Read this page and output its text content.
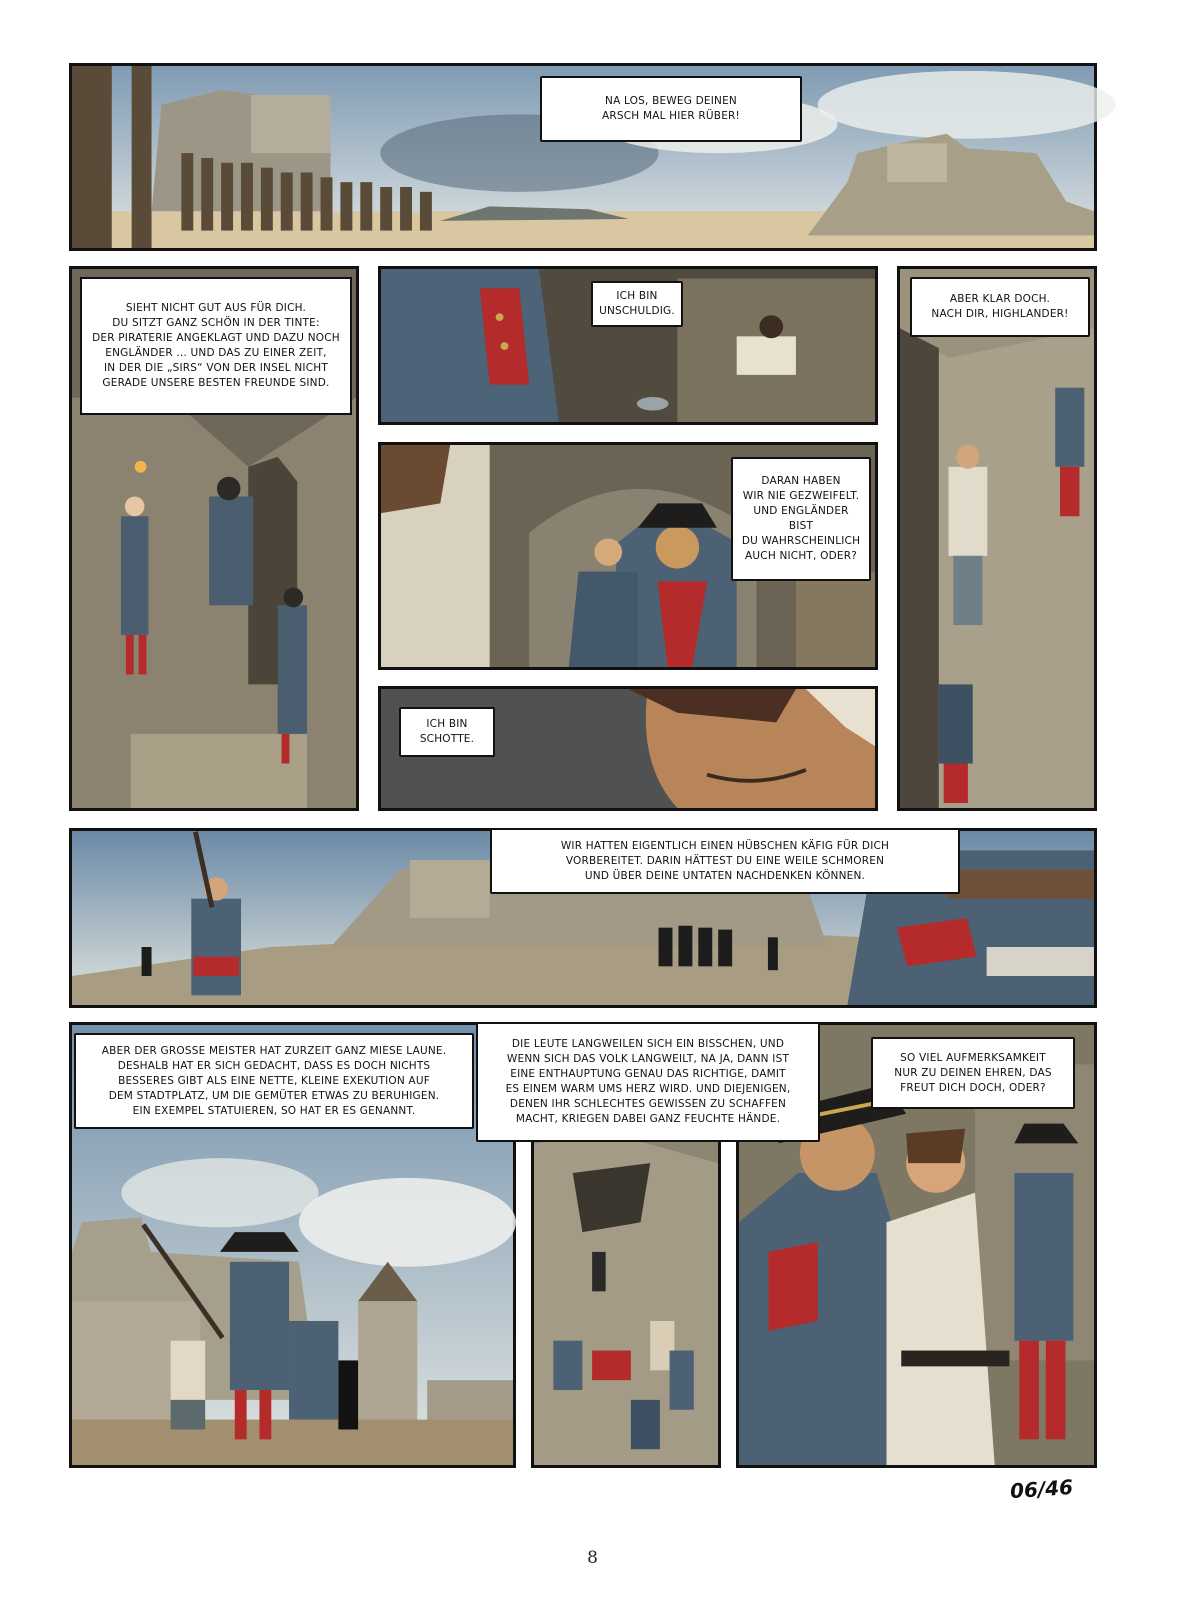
NA LOS, BEWEG DEINEN
ARSCH MAL HIER RÜBER!
SIEHT NICHT GUT AUS FÜR DICH.
DU SITZT GANZ SCHÖN IN DER TINTE:
DER PIRATERIE ANGEKLAGT UND DAZU NOCH
ENGLÄNDER ... UND DAS ZU EINER ZEIT,
IN DER DIE „SIRS“ VON DER INSEL NICHT
GERADE UNSERE BESTEN FREUNDE SIND.
ICH BIN
UNSCHULDIG.
DARAN HABEN
WIR NIE GEZWEIFELT.
UND ENGLÄNDER BIST
DU WAHRSCHEINLICH
AUCH NICHT, ODER?
ICH BIN
SCHOTTE.
ABER KLAR DOCH.
NACH DIR, HIGHLANDER!
WIR HATTEN EIGENTLICH EINEN HÜBSCHEN KÄFIG FÜR DICH
VORBEREITET. DARIN HÄTTEST DU EINE WEILE SCHMOREN
UND ÜBER DEINE UNTATEN NACHDENKEN KÖNNEN.
ABER DER GROSSE MEISTER HAT ZURZEIT GANZ MIESE LAUNE.
DESHALB HAT ER SICH GEDACHT, DASS ES DOCH NICHTS
BESSERES GIBT ALS EINE NETTE, KLEINE EXEKUTION AUF
DEM STADTPLATZ, UM DIE GEMÜTER ETWAS ZU BERUHIGEN.
EIN EXEMPEL STATUIEREN, SO HAT ER ES GENANNT.
DIE LEUTE LANGWEILEN SICH EIN BISSCHEN, UND
WENN SICH DAS VOLK LANGWEILT, NA JA, DANN IST
EINE ENTHAUPTUNG GENAU DAS RICHTIGE, DAMIT
ES EINEM WARM UMS HERZ WIRD. UND DIEJENIGEN,
DENEN IHR SCHLECHTES GEWISSEN ZU SCHAFFEN
MACHT, KRIEGEN DABEI GANZ FEUCHTE HÄNDE.
SO VIEL AUFMERKSAMKEIT
NUR ZU DEINEN EHREN, DAS
FREUT DICH DOCH, ODER?
06/46
8
